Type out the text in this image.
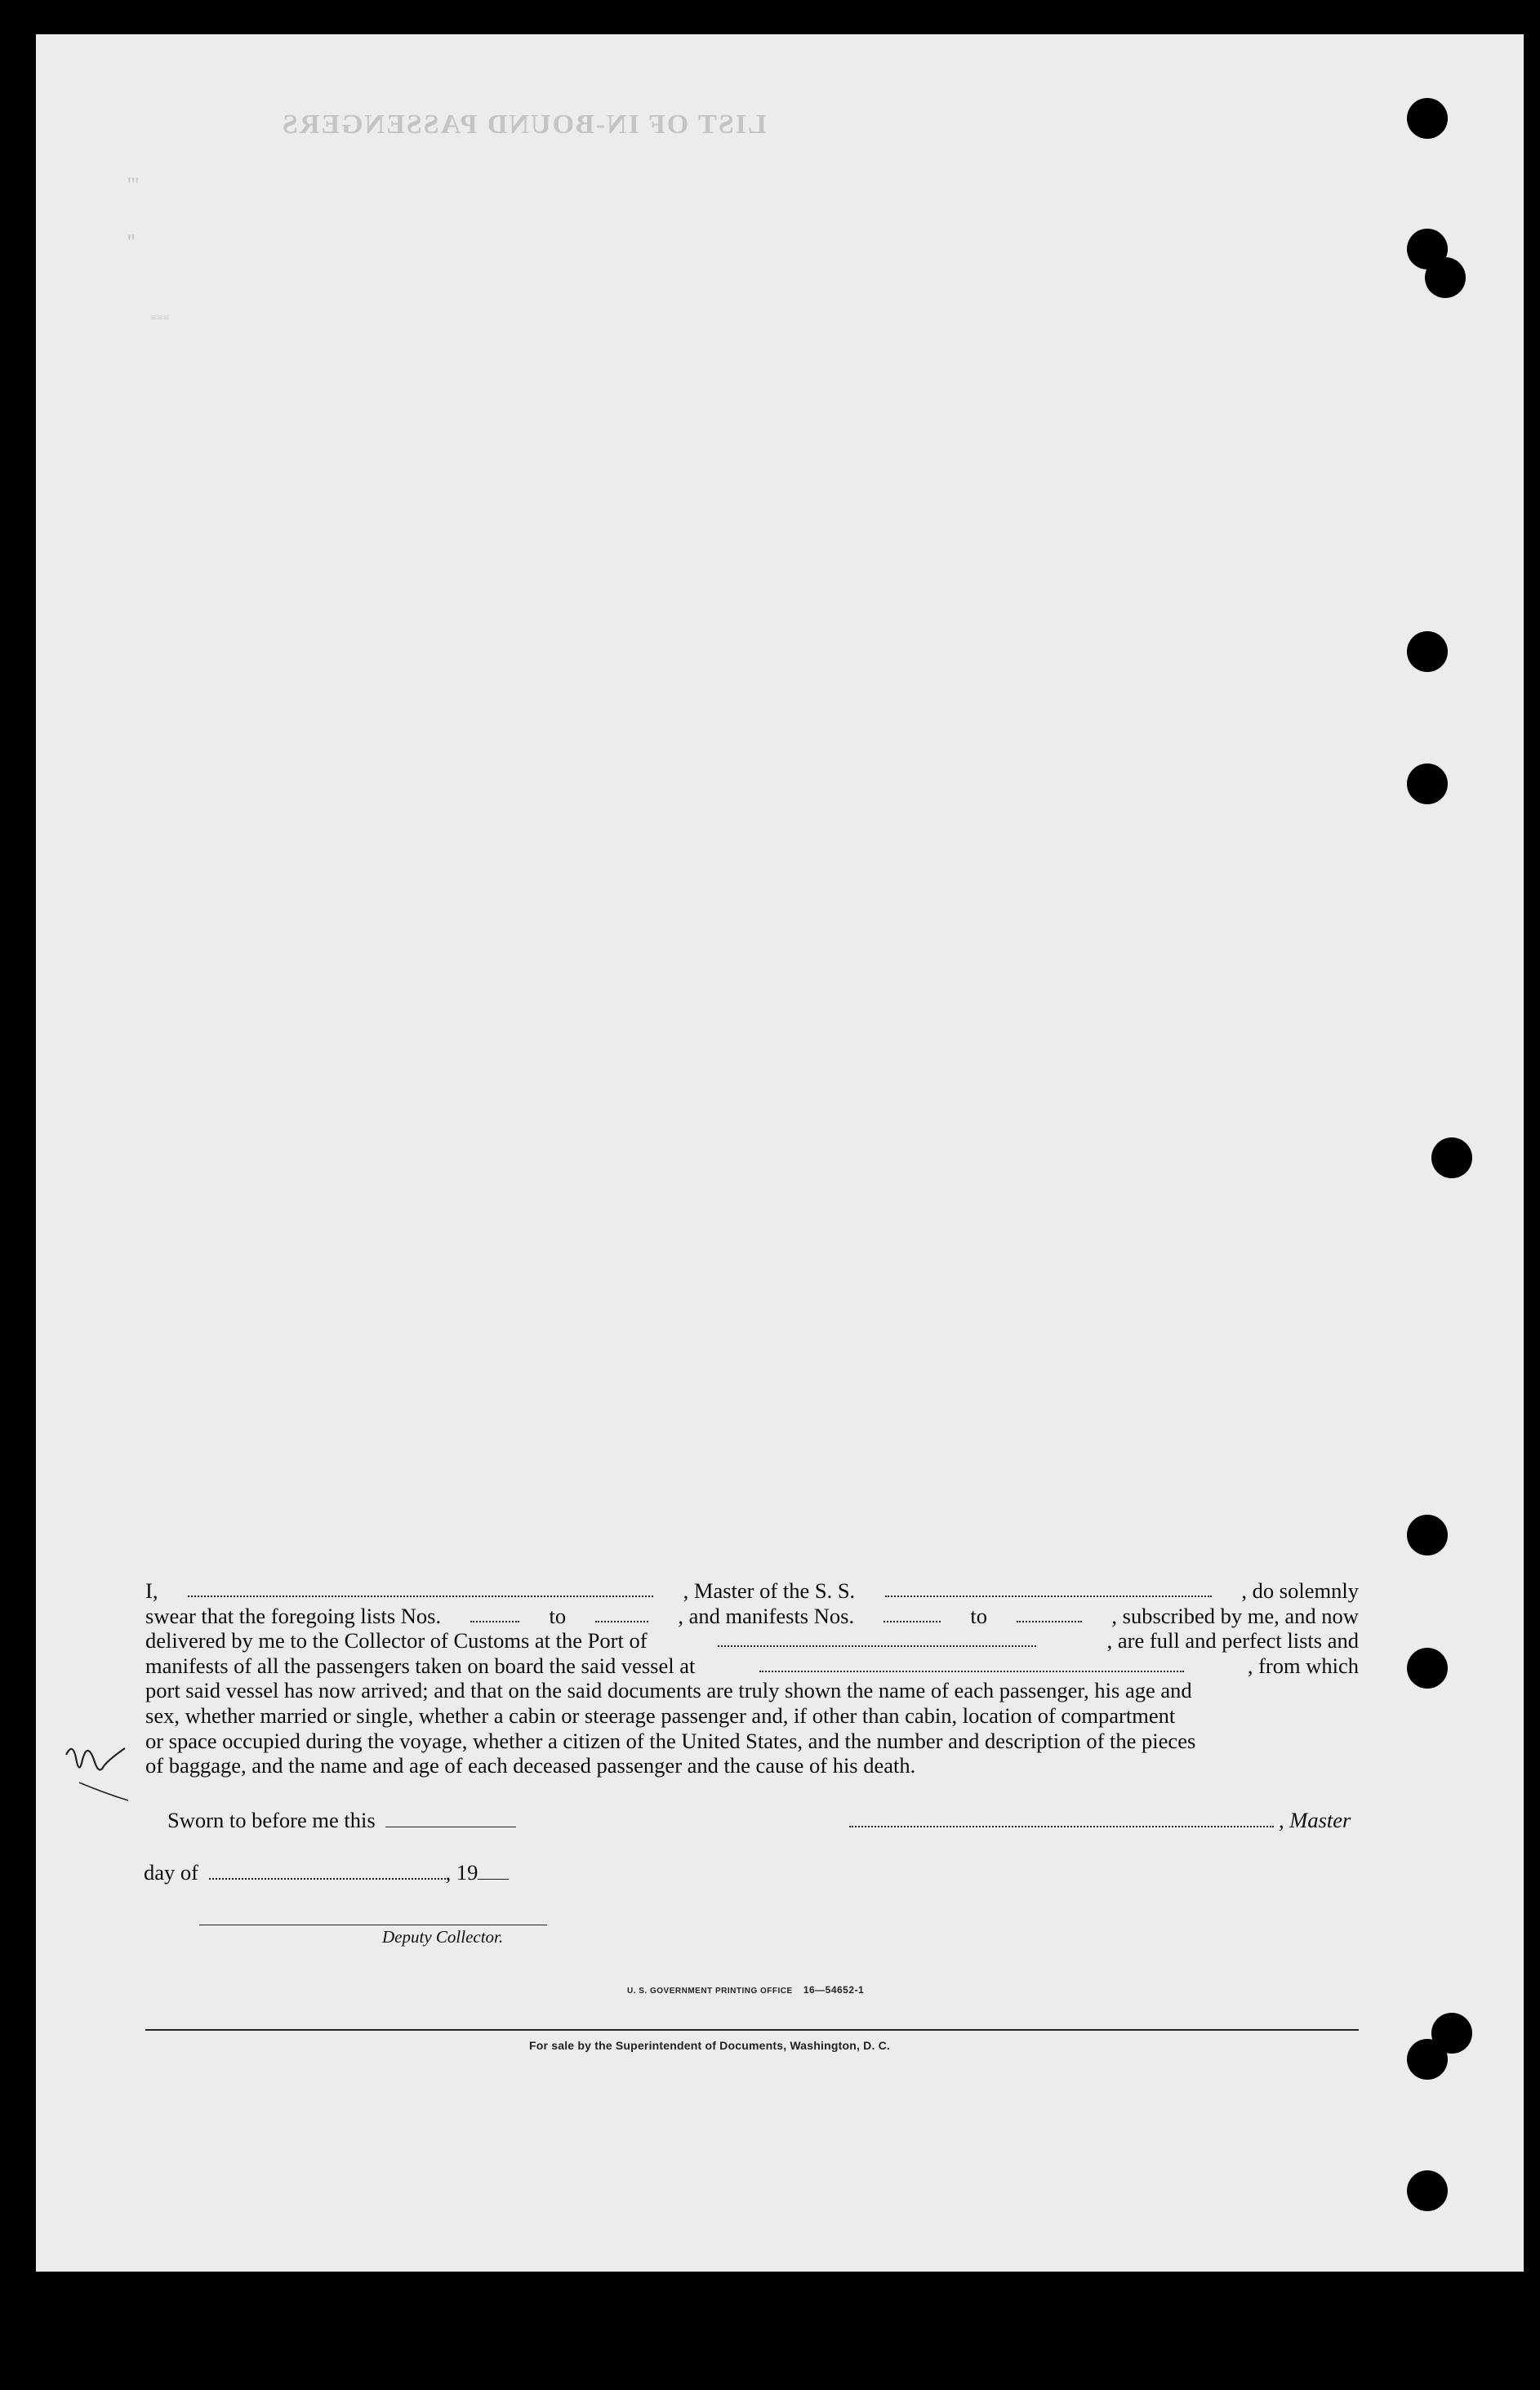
LIST OF IN-BOUND PASSENGERS
'''
''
≡≡≡
I,	, Master of the S. S.	, do solemnly
swear that the foregoing lists Nos.	to	, and manifests Nos.	to	, subscribed by me, and now
delivered by me to the Collector of Customs at the Port of	, are full and perfect lists and
manifests of all the passengers taken on board the said vessel at	, from which
port said vessel has now arrived; and that on the said documents are truly shown the name of each passenger, his age and
sex, whether married or single, whether a cabin or steerage passenger and, if other than cabin, location of compartment
or space occupied during the voyage, whether a citizen of the United States, and the number and description of the pieces
of baggage, and the name and age of each deceased passenger and the cause of his death.
Sworn to before me this	, Master
day of	, 19
Deputy Collector.
U. S. GOVERNMENT PRINTING OFFICE 16—54652-1
For sale by the Superintendent of Documents, Washington, D. C.
